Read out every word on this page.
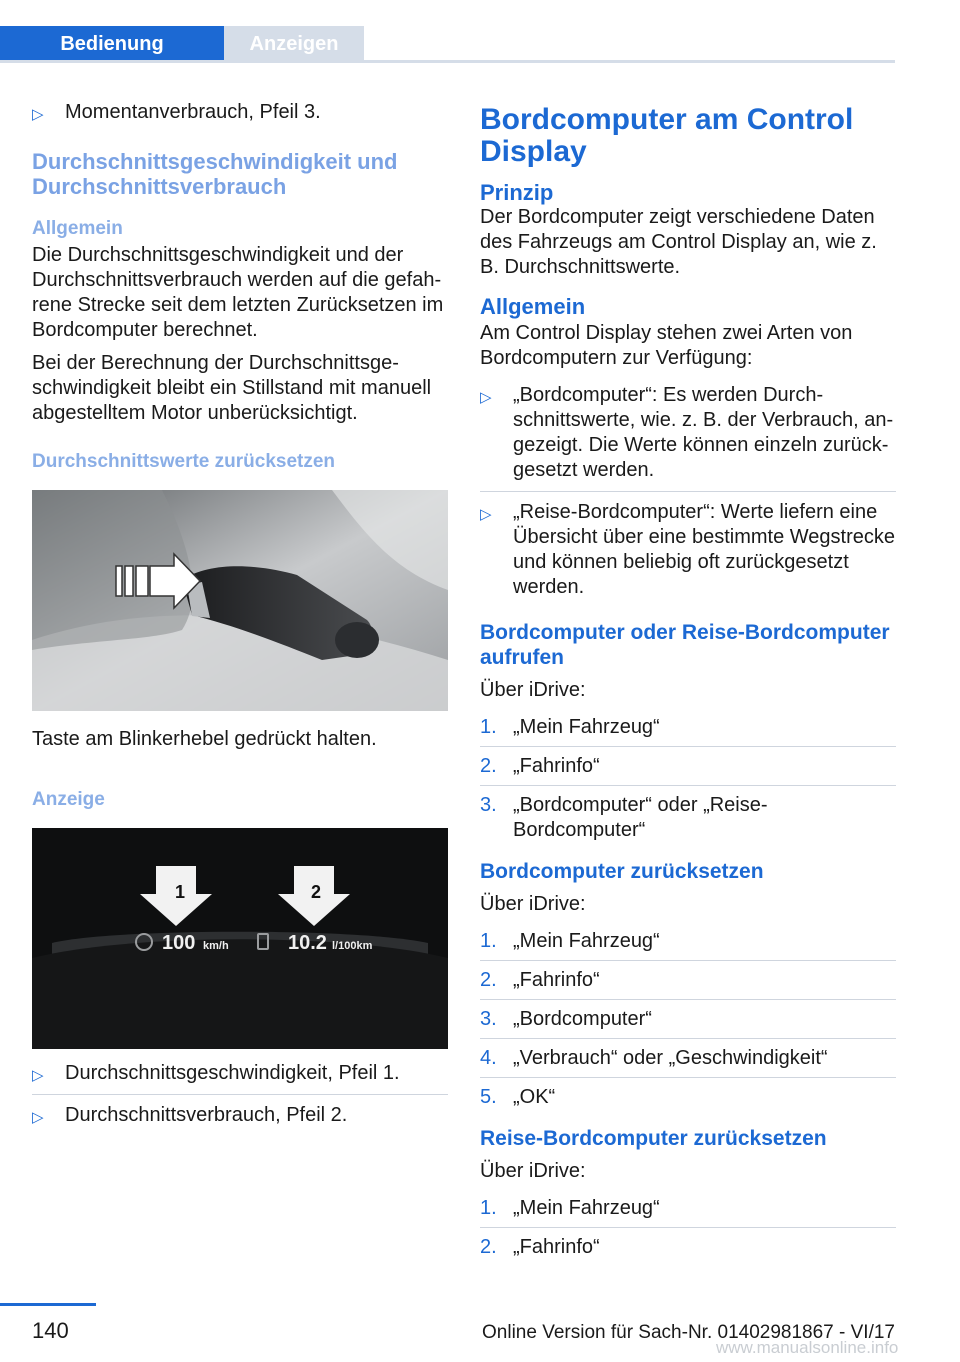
Bedienung	Anzeigen
▷ Momentanverbrauch, Pfeil 3.
Durchschnittsgeschwindigkeit und Durchschnittsverbrauch
Allgemein

Die Durchschnittsgeschwindigkeit und der Durchschnittsverbrauch werden auf die gefahrene Strecke seit dem letzten Zurücksetzen im Bordcomputer berechnet.

Bei der Berechnung der Durchschnittsgeschwindigkeit bleibt ein Stillstand mit manuell abgestelltem Motor unberücksichtigt.

Durchschnittswerte zurücksetzen

Taste am Blinkerhebel gedrückt halten.

Anzeige
1	2
100 km/h	10.2 l/100km
▷ Durchschnittsgeschwindigkeit, Pfeil 1.
▷ Durchschnittsverbrauch, Pfeil 2.
Bordcomputer am Control Display
Prinzip

Der Bordcomputer zeigt verschiedene Daten des Fahrzeugs am Control Display an, wie z. B. Durchschnittswerte.

Allgemein

Am Control Display stehen zwei Arten von Bordcomputern zur Verfügung:

▷ „Bordcomputer“: Es werden Durchschnittswerte, wie. z. B. der Verbrauch, angezeigt. Die Werte können einzeln zurückgesetzt werden.
▷ „Reise-Bordcomputer“: Werte liefern eine Übersicht über eine bestimmte Wegstrecke und können beliebig oft zurückgesetzt werden.
Bordcomputer oder Reise-Bordcomputer aufrufen

Über iDrive:

1. „Mein Fahrzeug“
2. „Fahrinfo“
3. „Bordcomputer“ oder „Reise-Bordcomputer“
Bordcomputer zurücksetzen

Über iDrive:

1. „Mein Fahrzeug“
2. „Fahrinfo“
3. „Bordcomputer“
4. „Verbrauch“ oder „Geschwindigkeit“
5. „OK“
Reise-Bordcomputer zurücksetzen

Über iDrive:

1. „Mein Fahrzeug“
2. „Fahrinfo“
140	Online Version für Sach-Nr. 01402981867 - VI/17
www.manualsonline.info
